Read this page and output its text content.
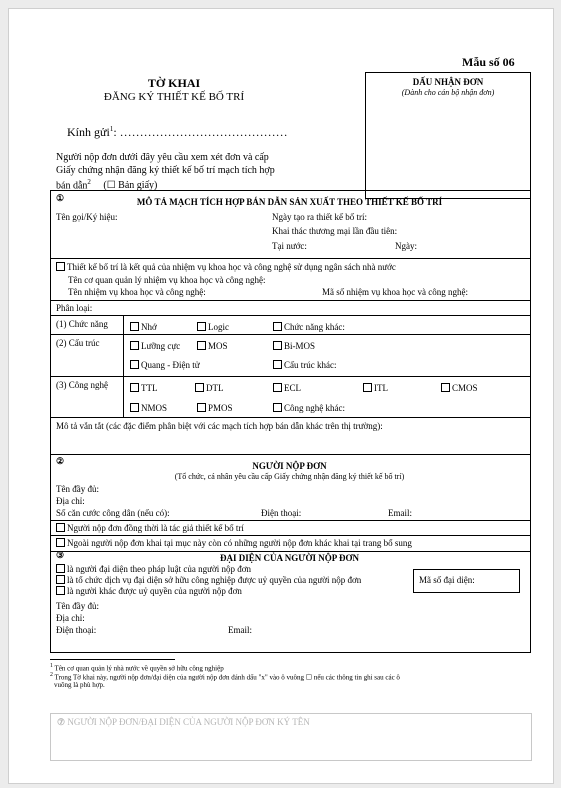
Mẫu số 06
TỜ KHAI
ĐĂNG KÝ THIẾT KẾ BỐ TRÍ
DẤU NHẬN ĐƠN
(Dành cho cán bộ nhận đơn)
Kính gửi$^1$: ……………………………………
Người nộp đơn dưới đây yêu cầu xem xét đơn và cấp
Giấy chứng nhận đăng ký thiết kế bố trí mạch tích hợp
bán dẫn$^2$ (☐ Bản giấy)
①	MÔ TẢ MẠCH TÍCH HỢP BÁN DẪN SẢN XUẤT THEO THIẾT KẾ BỐ TRÍ
Tên gọi/Ký hiệu:	Ngày tạo ra thiết kế bố trí:
Khai thác thương mại lần đầu tiên:
Tại nước:	Ngày:
Thiết kế bố trí là kết quả của nhiệm vụ khoa học và công nghệ sử dụng ngân sách nhà nước
Tên cơ quan quản lý nhiệm vụ khoa học và công nghệ:
Tên nhiệm vụ khoa học và công nghệ:	Mã số nhiệm vụ khoa học và công nghệ:
Phân loại:
(1) Chức năng	Nhớ	Logic	Chức năng khác:
(2) Cấu trúc	Lưỡng cực	MOS	Bi-MOS
Quang - Điện tử	Cấu trúc khác:
(3) Công nghệ	TTL	DTL	ECL	ITL	CMOS
NMOS	PMOS	Công nghệ khác:
Mô tả vắn tắt (các đặc điểm phân biệt với các mạch tích hợp bán dẫn khác trên thị trường):
②	NGƯỜI NỘP ĐƠN
(Tổ chức, cá nhân yêu cầu cấp Giấy chứng nhận đăng ký thiết kế bố trí)
Tên đầy đủ:
Địa chỉ:
Số căn cước công dân (nếu có):	Điện thoại:	Email:
Người nộp đơn đồng thời là tác giả thiết kế bố trí
Ngoài người nộp đơn khai tại mục này còn có những người nộp đơn khác khai tại trang bổ sung
③	ĐẠI DIỆN CỦA NGƯỜI NỘP ĐƠN
là người đại diện theo pháp luật của người nộp đơn
là tổ chức dịch vụ đại diện sở hữu công nghiệp được uỷ quyền của người nộp đơn
là người khác được uỷ quyền của người nộp đơn
Mã số đại diện:
Tên đầy đủ:
Địa chỉ:
Điện thoại:	Email:
$^1$ Tên cơ quan quản lý nhà nước về quyền sở hữu công nghiệp
$^2$ Trong Tờ khai này, người nộp đơn/đại diện của người nộp đơn đánh dấu "x" vào ô vuông ☐ nếu các thông tin ghi sau các ô
vuông là phù hợp.
⑦ NGƯỜI NỘP ĐƠN/ĐẠI DIỆN CỦA NGƯỜI NỘP ĐƠN KÝ TÊN
